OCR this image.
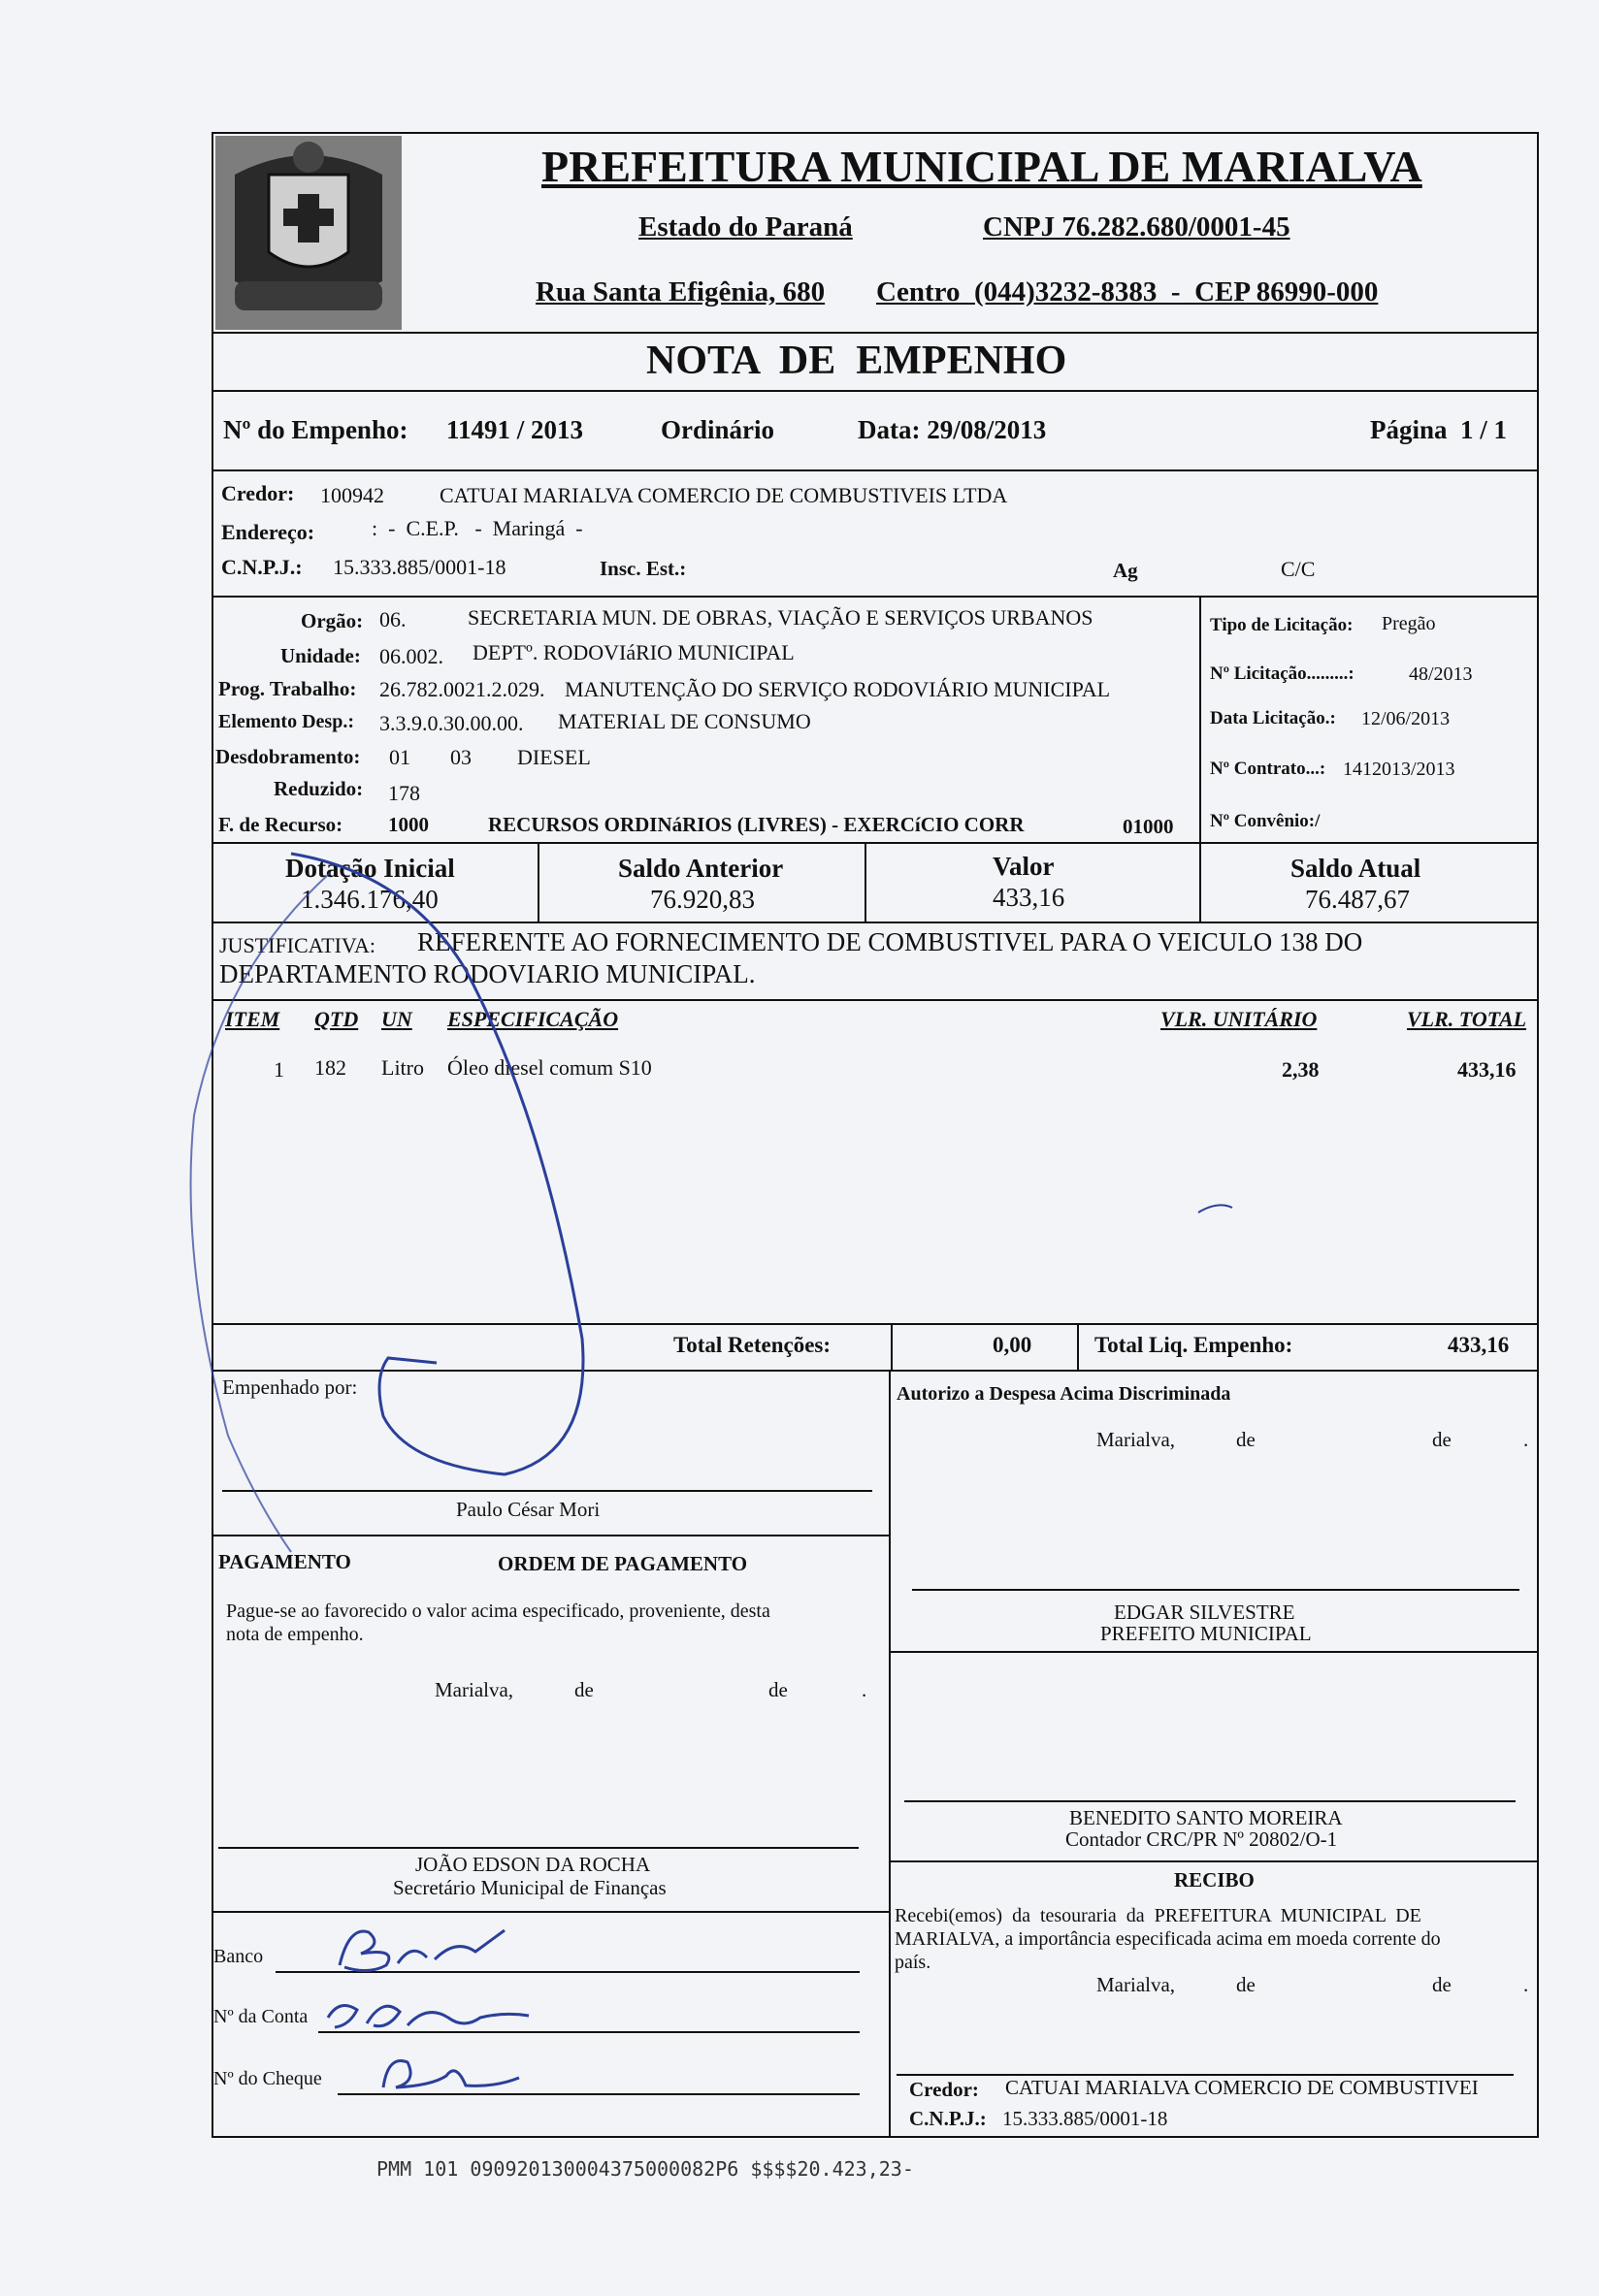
PREFEITURA MUNICIPAL DE MARIALVA
Estado do Paraná	CNPJ 76.282.680/0001-45
Rua Santa Efigênia, 680 Centro  (044)3232-8383  -  CEP 86990-000
NOTA  DE  EMPENHO
Nº do Empenho: 11491 / 2013	Ordinário	Data: 29/08/2013	Página  1 / 1
Credor: 100942	CATUAI MARIALVA COMERCIO DE COMBUSTIVEIS LTDA
Endereço:	:  -  C.E.P.   -  Maringá  -
C.N.P.J.: 15.333.885/0001-18	Insc. Est.:	Ag	C/C
Orgão: 06.	SECRETARIA MUN. DE OBRAS, VIAÇÃO E SERVIÇOS URBANOS
Unidade: 06.002. DEPTº. RODOVIáRIO MUNICIPAL
Prog. Trabalho: 26.782.0021.2.029. MANUTENÇÃO DO SERVIÇO RODOVIÁRIO MUNICIPAL
Elemento Desp.: 3.3.9.0.30.00.00. MATERIAL DE CONSUMO
Desdobramento: 01 03 DIESEL
Reduzido: 178
F. de Recurso: 1000	RECURSOS ORDINáRIOS (LIVRES) - EXERCíCIO CORR	01000
Tipo de Licitação: Pregão
Nº Licitação.........:	48/2013
Data Licitação.: 12/06/2013
Nº Contrato...: 1412013/2013
Nº Convênio:/
Dotação Inicial
1.346.176,40
Saldo Anterior
76.920,83
Valor
433,16
Saldo Atual
76.487,67
JUSTIFICATIVA: REFERENTE AO FORNECIMENTO DE COMBUSTIVEL PARA O VEICULO 138 DO
DEPARTAMENTO RODOVIARIO MUNICIPAL.
ITEM QTD UN ESPECIFICAÇÃO	VLR. UNITÁRIO	VLR. TOTAL
1 182 Litro Óleo diesel comum S10	2,38	433,16
Total Retenções:	0,00	Total Liq. Empenho:	433,16
Empenhado por:
Paulo César Mori
PAGAMENTO	ORDEM DE PAGAMENTO
Pague-se ao favorecido o valor acima especificado, proveniente, desta
nota de empenho.
Marialva,	de	de	.
JOÃO EDSON DA ROCHA
Secretário Municipal de Finanças
Banco
Nº da Conta
Nº do Cheque
Autorizo a Despesa Acima Discriminada
Marialva,	de	de	.
EDGAR SILVESTRE
PREFEITO MUNICIPAL
BENEDITO SANTO MOREIRA
Contador CRC/PR Nº 20802/O-1
RECIBO
Recebi(emos)  da  tesouraria  da  PREFEITURA  MUNICIPAL  DE
MARIALVA, a importância especificada acima em moeda corrente do
país.
Marialva,	de	de	.
Credor: CATUAI MARIALVA COMERCIO DE COMBUSTIVEI
C.N.P.J.: 15.333.885/0001-18
PMM 101 090920130004375000082P6 $$$$20.423,23-
